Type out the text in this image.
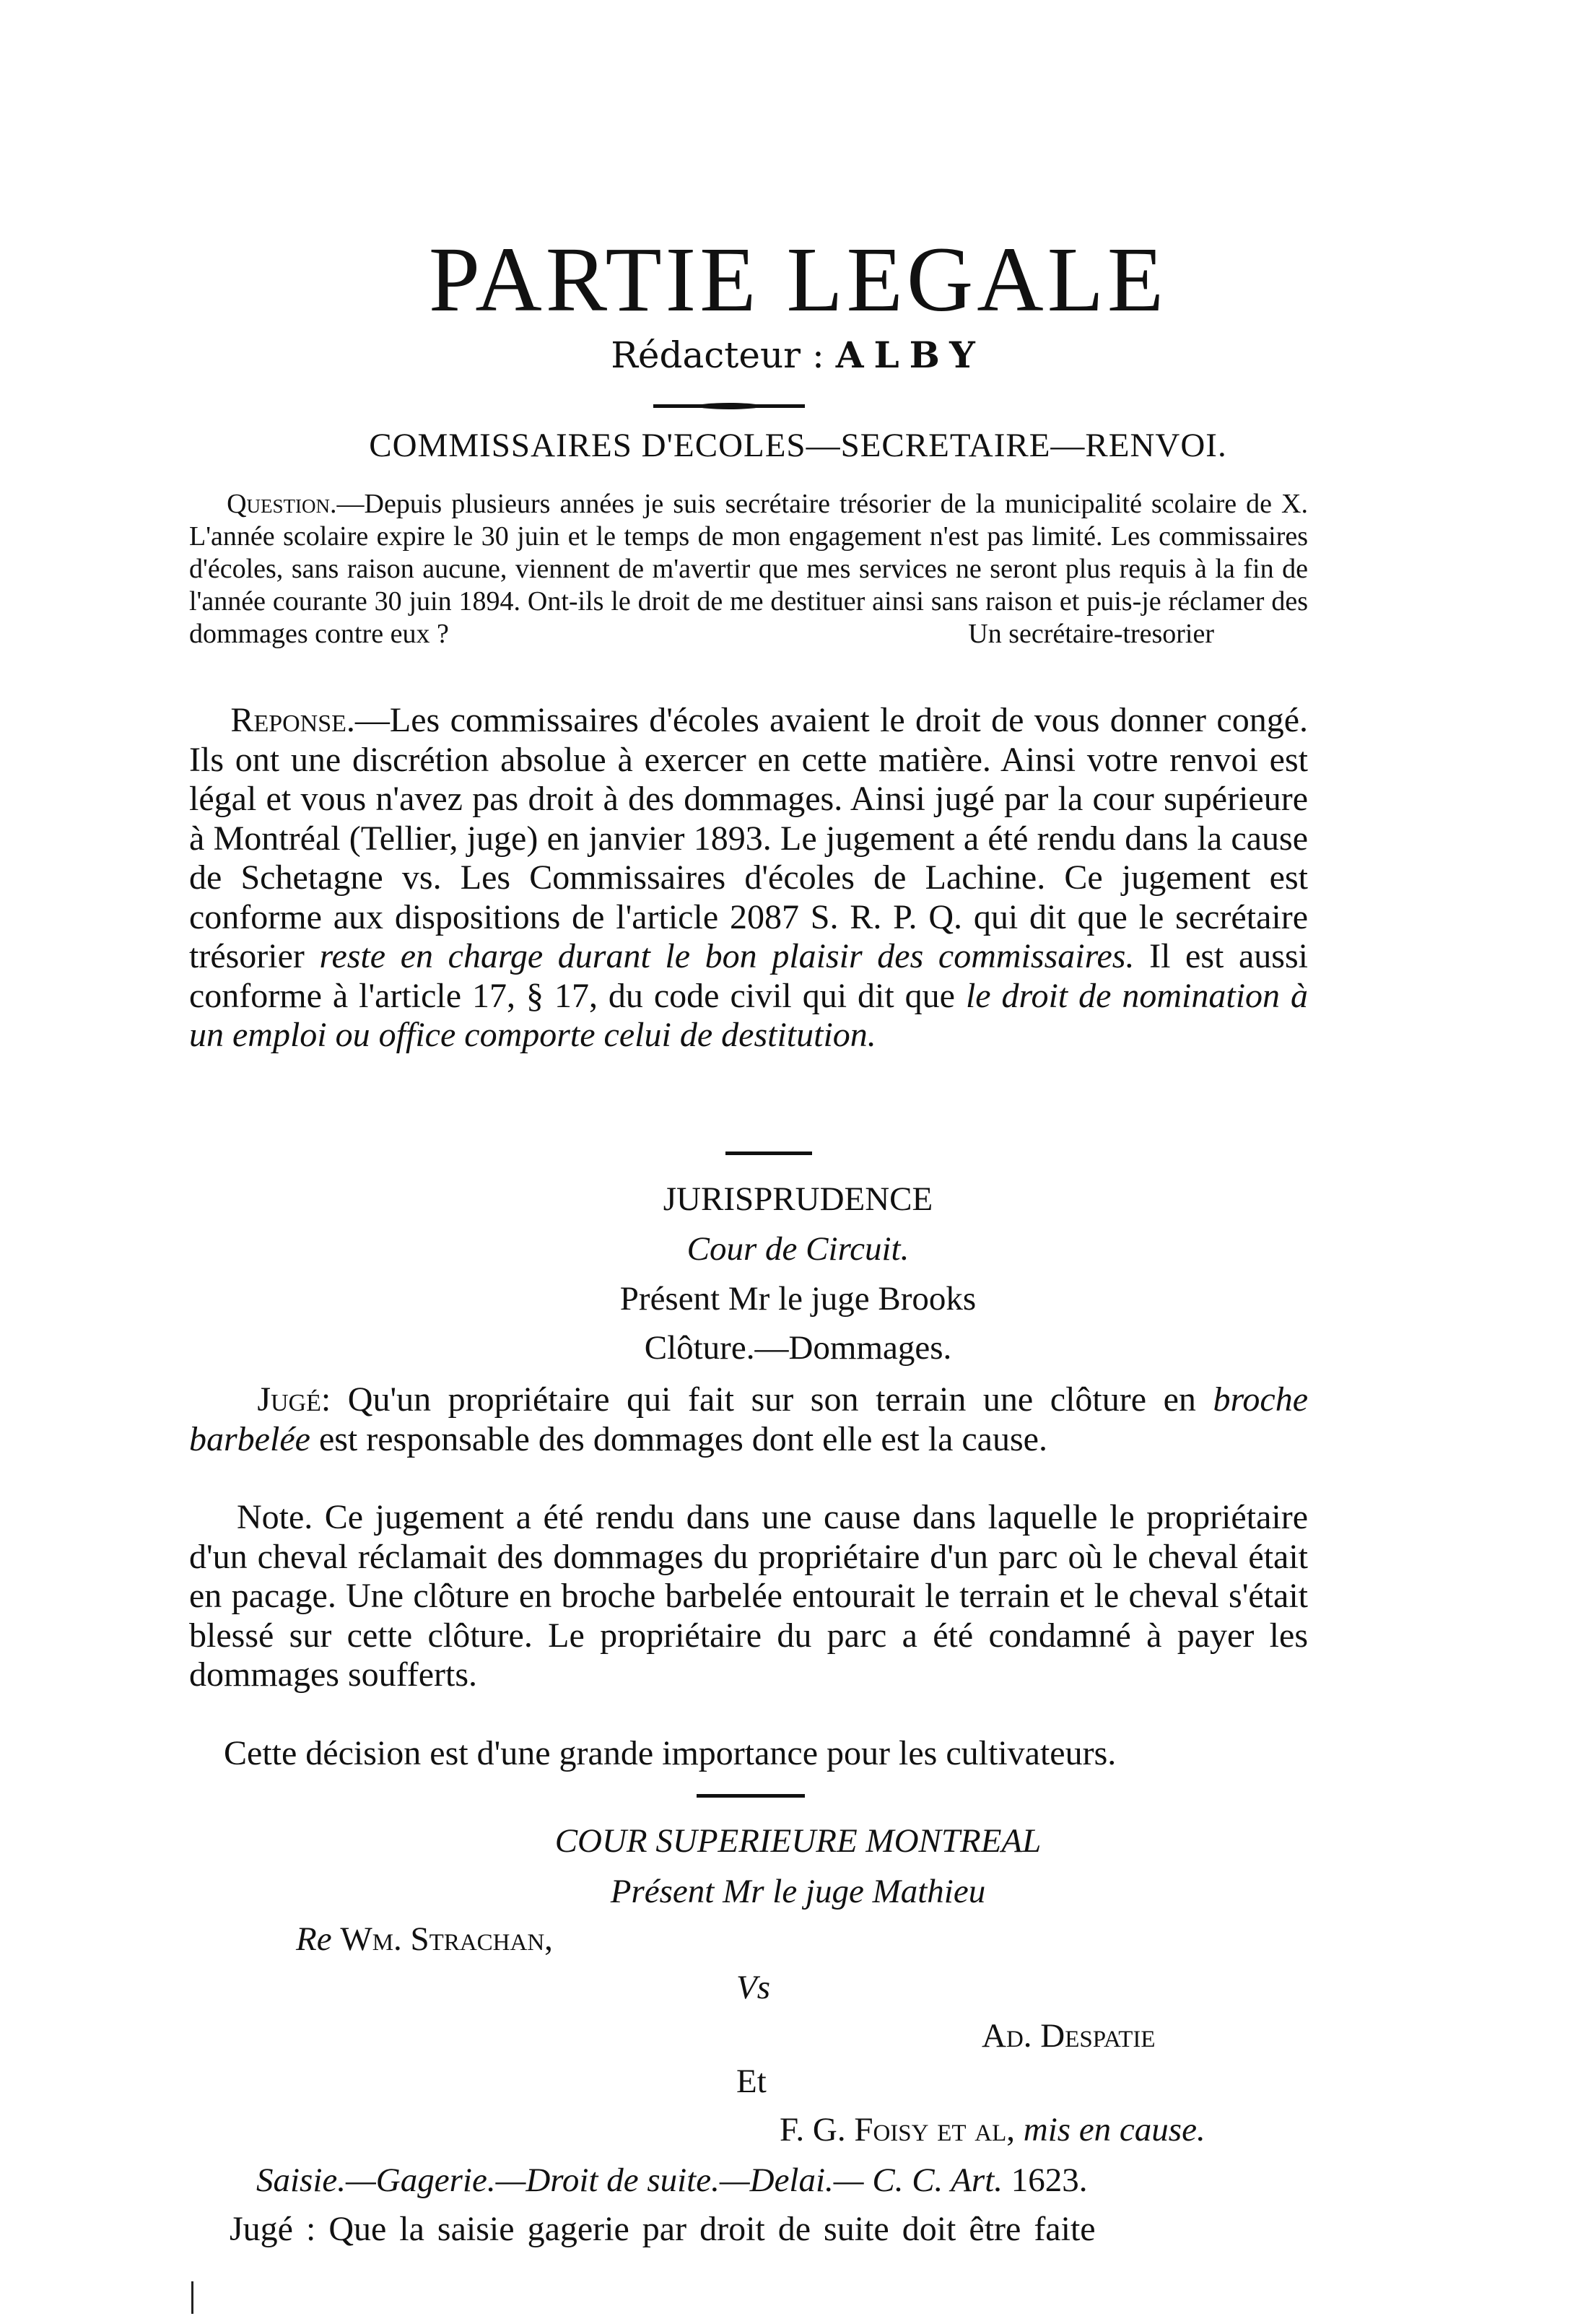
PARTIE LEGALE
Rédacteur : ALBY
COMMISSAIRES D'ECOLES—SECRETAIRE—RENVOI.

Question.—Depuis plusieurs années je suis secrétaire trésorier de la municipalité scolaire de X. L'année scolaire expire le 30 juin et le temps de mon engagement n'est pas limité. Les commissaires d'écoles, sans raison aucune, viennent de m'avertir que mes services ne seront plus requis à la fin de l'année courante 30 juin 1894. Ont-ils le droit de me destituer ainsi sans raison et puis-je réclamer des dommages contre eux ?	Un secrétaire-tresorier

Reponse.—Les commissaires d'écoles avaient le droit de vous donner congé. Ils ont une discrétion absolue à exercer en cette matière. Ainsi votre renvoi est légal et vous n'avez pas droit à des dommages. Ainsi jugé par la cour supérieure à Montréal (Tellier, juge) en janvier 1893. Le jugement a été rendu dans la cause de Schetagne vs. Les Commissaires d'écoles de Lachine. Ce jugement est conforme aux dispositions de l'article 2087 S. R. P. Q. qui dit que le secrétaire trésorier reste en charge durant le bon plaisir des commissaires. Il est aussi conforme à l'article 17, § 17, du code civil qui dit que le droit de nomination à un emploi ou office comporte celui de destitution.

JURISPRUDENCE
Cour de Circuit.
Présent Mr le juge Brooks
Clôture.—Dommages.

Jugé: Qu'un propriétaire qui fait sur son terrain une clôture en broche barbelée est responsable des dommages dont elle est la cause.

Note. Ce jugement a été rendu dans une cause dans laquelle le propriétaire d'un cheval réclamait des dommages du propriétaire d'un parc où le cheval était en pacage. Une clôture en broche barbelée entourait le terrain et le cheval s'était blessé sur cette clôture. Le propriétaire du parc a été condamné à payer les dommages soufferts.

Cette décision est d'une grande importance pour les cultivateurs.

COUR SUPERIEURE MONTREAL
Présent Mr le juge Mathieu
Re Wm. Strachan,
Vs
Ad. Despatie
Et
F. G. Foisy et al, mis en cause.
Saisie.—Gagerie.—Droit de suite.—Delai.— C. C. Art. 1623.
Jugé : Que la saisie gagerie par droit de suite doit être faite
